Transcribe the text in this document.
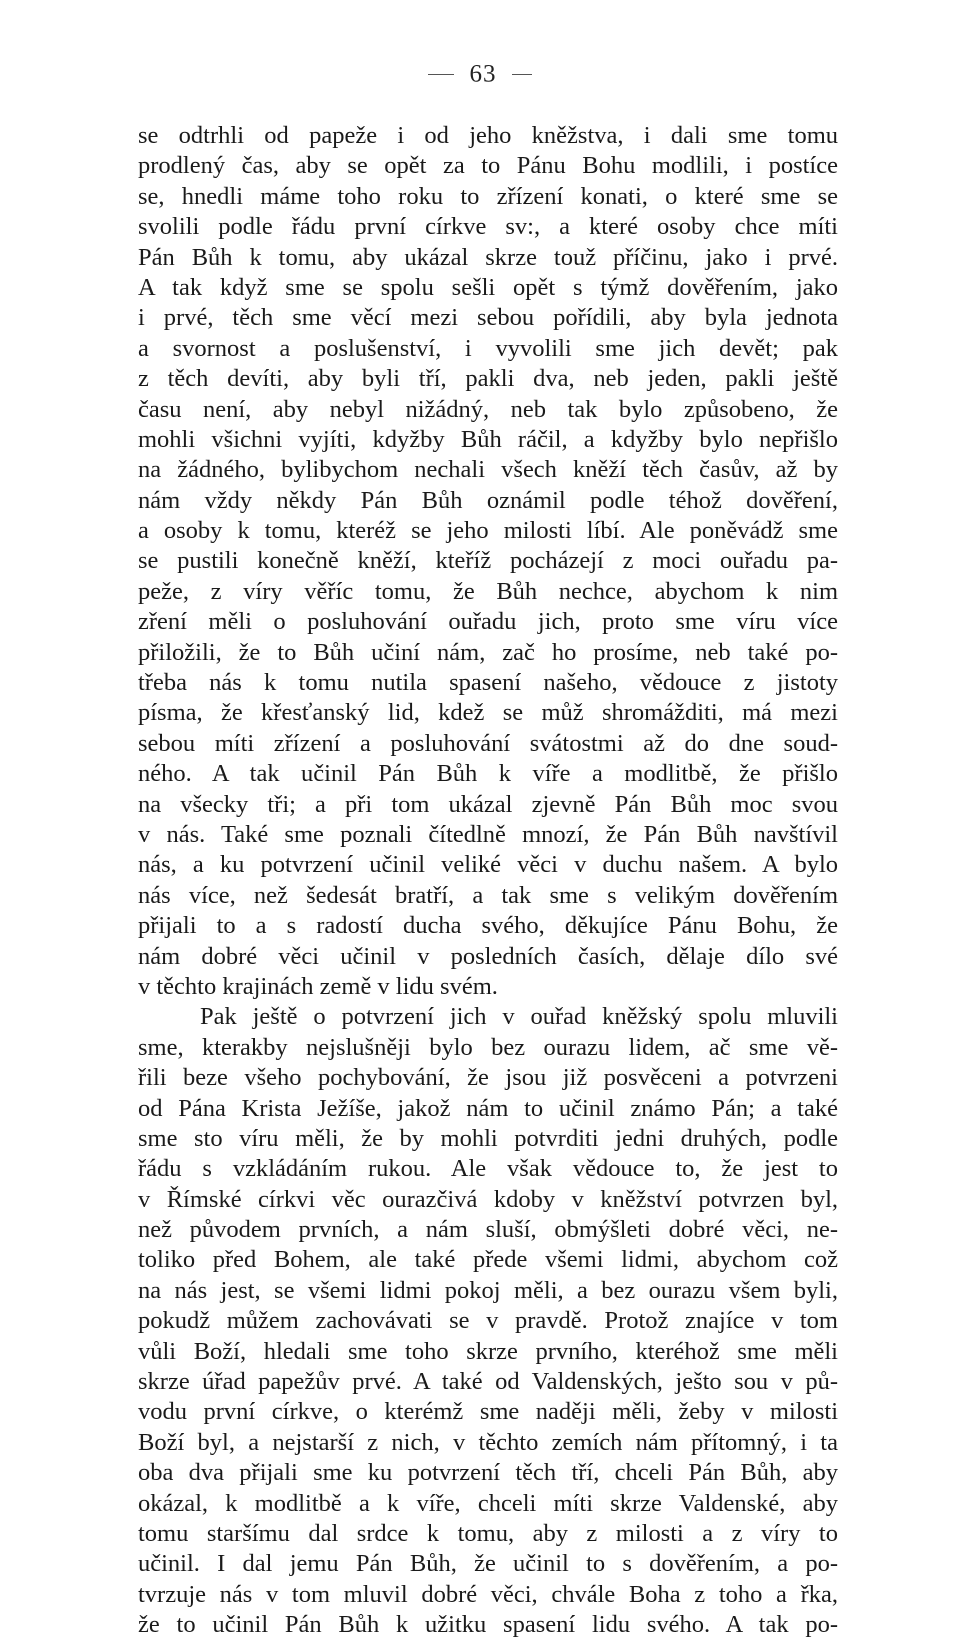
63
se odtrhli od papeže i od jeho kněžstva, i dali sme tomu
prodlený čas, aby se opět za to Pánu Bohu modlili, i postíce
se, hnedli máme toho roku to zřízení konati, o které sme se
svolili podle řádu první církve sv:, a které osoby chce míti
Pán Bůh k tomu, aby ukázal skrze touž příčinu, jako i prvé.
A tak když sme se spolu sešli opět s týmž dověřením, jako
i prvé, těch sme věcí mezi sebou pořídili, aby byla jednota
a svornost a poslušenství, i vyvolili sme jich devět; pak
z těch devíti, aby byli tří, pakli dva, neb jeden, pakli ještě
času není, aby nebyl nižádný, neb tak bylo způsobeno, že
mohli všichni vyjíti, kdyžby Bůh ráčil, a kdyžby bylo nepřišlo
na žádného, bylibychom nechali všech kněží těch časův, až by
nám vždy někdy Pán Bůh oznámil podle téhož dověření,
a osoby k tomu, kteréž se jeho milosti líbí. Ale poněvádž sme
se pustili konečně kněží, kteříž pocházejí z moci ouřadu pa-
peže, z víry věříc tomu, že Bůh nechce, abychom k nim
zření měli o posluhování ouřadu jich, proto sme víru více
přiložili, že to Bůh učiní nám, zač ho prosíme, neb také po-
třeba nás k tomu nutila spasení našeho, vědouce z jistoty
písma, že křesťanský lid, kdež se můž shromážditi, má mezi
sebou míti zřízení a posluhování svátostmi až do dne soud-
ného. A tak učinil Pán Bůh k víře a modlitbě, že přišlo
na všecky tři; a při tom ukázal zjevně Pán Bůh moc svou
v nás. Také sme poznali čítedlně mnozí, že Pán Bůh navštívil
nás, a ku potvrzení učinil veliké věci v duchu našem. A bylo
nás více, než šedesát bratří, a tak sme s velikým dověřením
přijali to a s radostí ducha svého, děkujíce Pánu Bohu, že
nám dobré věci učinil v posledních časích, dělaje dílo své
v těchto krajinách země v lidu svém.
Pak ještě o potvrzení jich v ouřad kněžský spolu mluvili
sme, kterakby nejslušněji bylo bez ourazu lidem, ač sme vě-
řili beze všeho pochybování, že jsou již posvěceni a potvrzeni
od Pána Krista Ježíše, jakož nám to učinil známo Pán; a také
sme sto víru měli, že by mohli potvrditi jedni druhých, podle
řádu s vzkládáním rukou. Ale však vědouce to, že jest to
v Římské církvi věc ourazčivá kdoby v kněžství potvrzen byl,
než původem prvních, a nám sluší, obmýšleti dobré věci, ne-
toliko před Bohem, ale také přede všemi lidmi, abychom což
na nás jest, se všemi lidmi pokoj měli, a bez ourazu všem byli,
pokudž můžem zachovávati se v pravdě. Protož znajíce v tom
vůli Boží, hledali sme toho skrze prvního, kteréhož sme měli
skrze úřad papežův prvé. A také od Valdenských, ješto sou v pů-
vodu první církve, o kterémž sme naději měli, žeby v milosti
Boží byl, a nejstarší z nich, v těchto zemích nám přítomný, i ta
oba dva přijali sme ku potvrzení těch tří, chceli Pán Bůh, aby
okázal, k modlitbě a k víře, chceli míti skrze Valdenské, aby
tomu staršímu dal srdce k tomu, aby z milosti a z víry to
učinil. I dal jemu Pán Bůh, že učinil to s dověřením, a po-
tvrzuje nás v tom mluvil dobré věci, chvále Boha z toho a řka,
že to učinil Pán Bůh k užitku spasení lidu svého. A tak po-
